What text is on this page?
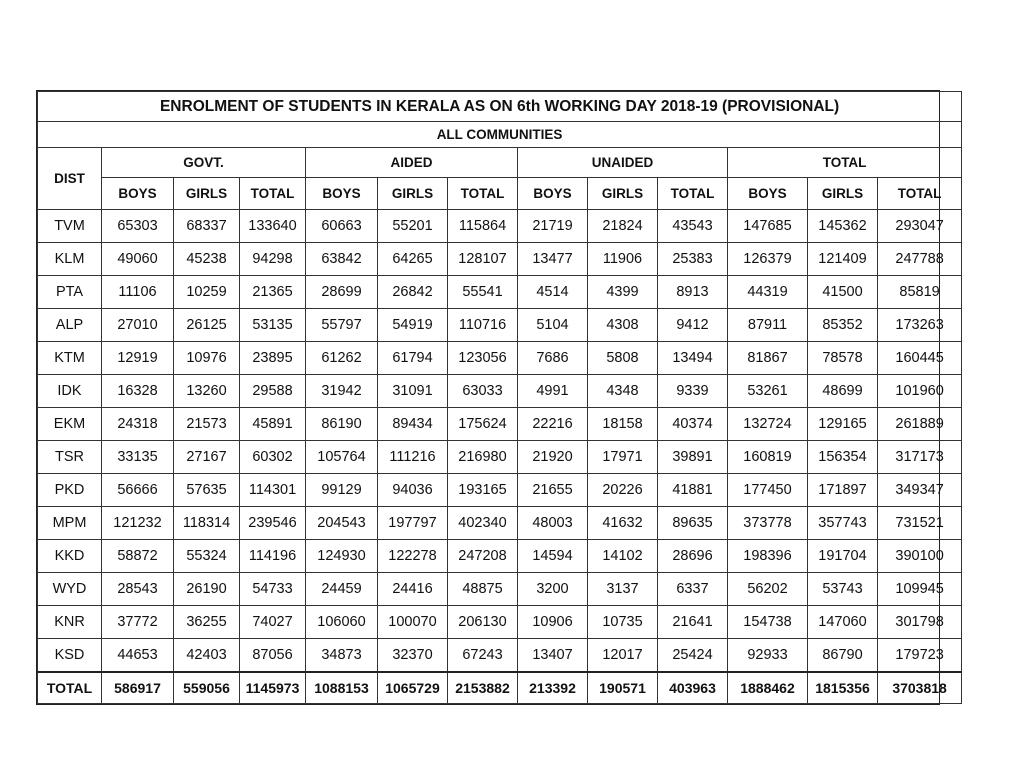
ENROLMENT OF STUDENTS IN KERALA AS ON 6th WORKING DAY 2018-19 (PROVISIONAL)												
ALL COMMUNITIES												
DIST	GOVT.			AIDED			UNAIDED			TOTAL		
	BOYS	GIRLS	TOTAL	BOYS	GIRLS	TOTAL	BOYS	GIRLS	TOTAL	BOYS	GIRLS	TOTAL
TVM	65303	68337	133640	60663	55201	115864	21719	21824	43543	147685	145362	293047
KLM	49060	45238	94298	63842	64265	128107	13477	11906	25383	126379	121409	247788
PTA	11106	10259	21365	28699	26842	55541	4514	4399	8913	44319	41500	85819
ALP	27010	26125	53135	55797	54919	110716	5104	4308	9412	87911	85352	173263
KTM	12919	10976	23895	61262	61794	123056	7686	5808	13494	81867	78578	160445
IDK	16328	13260	29588	31942	31091	63033	4991	4348	9339	53261	48699	101960
EKM	24318	21573	45891	86190	89434	175624	22216	18158	40374	132724	129165	261889
TSR	33135	27167	60302	105764	111216	216980	21920	17971	39891	160819	156354	317173
PKD	56666	57635	114301	99129	94036	193165	21655	20226	41881	177450	171897	349347
MPM	121232	118314	239546	204543	197797	402340	48003	41632	89635	373778	357743	731521
KKD	58872	55324	114196	124930	122278	247208	14594	14102	28696	198396	191704	390100
WYD	28543	26190	54733	24459	24416	48875	3200	3137	6337	56202	53743	109945
KNR	37772	36255	74027	106060	100070	206130	10906	10735	21641	154738	147060	301798
KSD	44653	42403	87056	34873	32370	67243	13407	12017	25424	92933	86790	179723
TOTAL	586917	559056	1145973	1088153	1065729	2153882	213392	190571	403963	1888462	1815356	3703818
